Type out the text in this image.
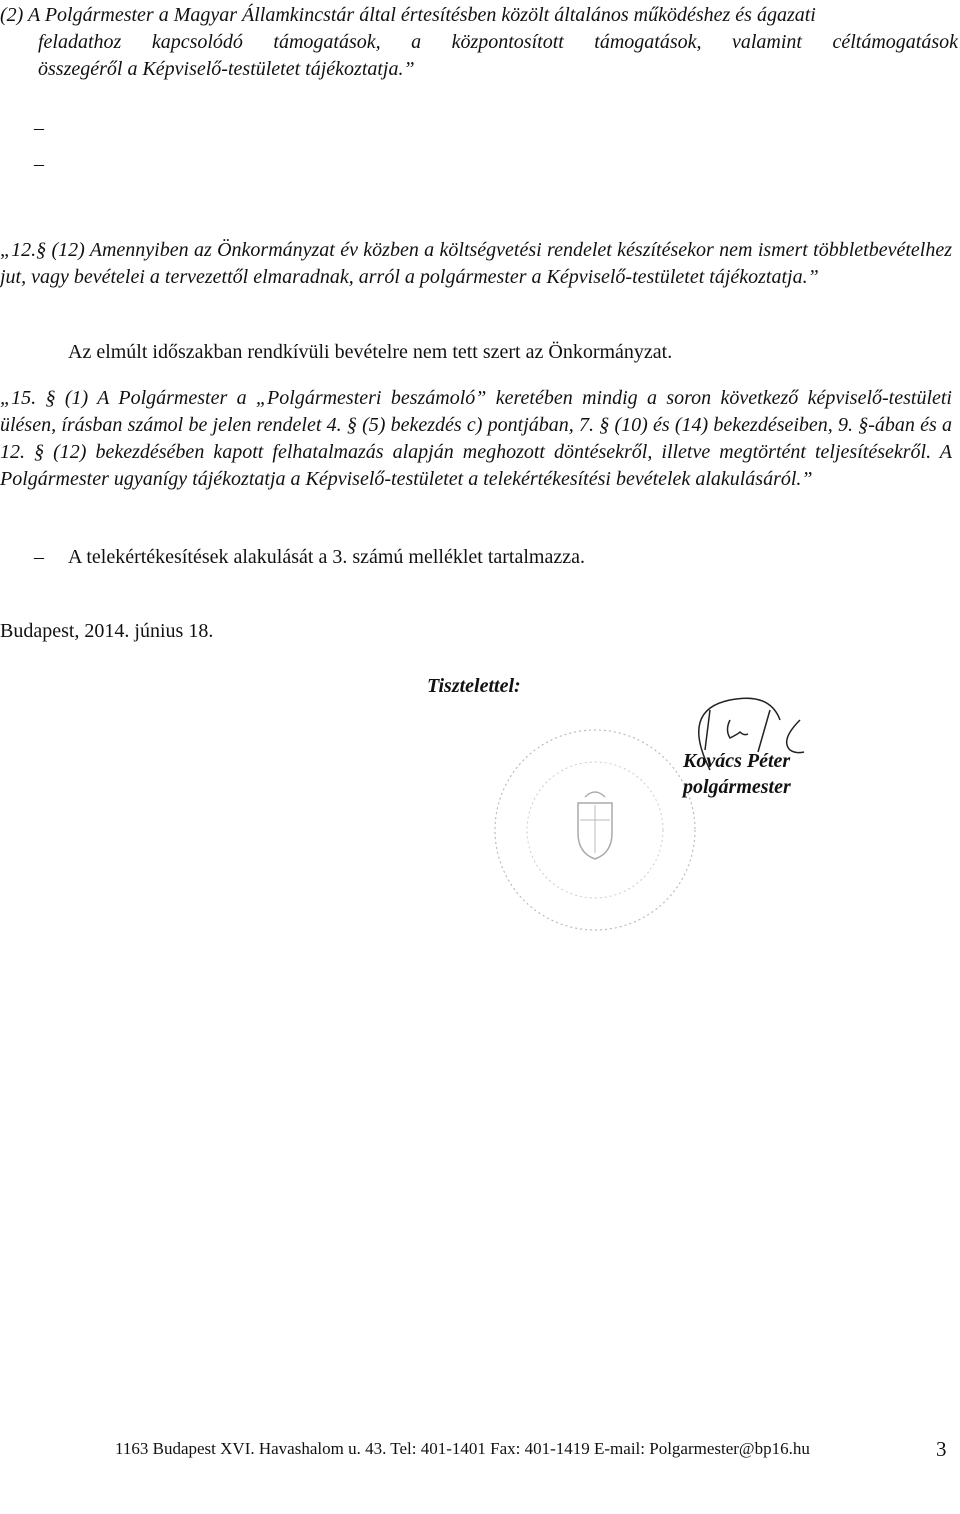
(2) A Polgármester a Magyar Államkincstár által értesítésben közölt általános működéshez és ágazati
feladathoz kapcsolódó támogatások, a központosított támogatások, valamint céltámogatások
összegéről a Képviselő-testületet tájékoztatja.”
–
–
„12.§ (12) Amennyiben az Önkormányzat év közben a költségvetési rendelet készítésekor nem ismert többletbevételhez jut, vagy bevételei a tervezettől elmaradnak, arról a polgármester a Képviselő-testületet tájékoztatja.”
Az elmúlt időszakban rendkívüli bevételre nem tett szert az Önkormányzat.
„15. § (1) A Polgármester a „Polgármesteri beszámoló” keretében mindig a soron következő képviselő-testületi ülésen, írásban számol be jelen rendelet 4. § (5) bekezdés c) pontjában, 7. § (10) és (14) bekezdéseiben, 9. §-ában és a 12. § (12) bekezdésében kapott felhatalmazás alapján meghozott döntésekről, illetve megtörtént teljesítésekről. A Polgármester ugyanígy tájékoztatja a Képviselő-testületet a telekértékesítési bevételek alakulásáról.”
– A telekértékesítések alakulását a 3. számú melléklet tartalmazza.
Budapest, 2014. június 18.
Tisztelettel:
Kovács Péter
polgármester
1163 Budapest XVI. Havashalom u. 43. Tel: 401-1401 Fax: 401-1419 E-mail: Polgarmester@bp16.hu	3
